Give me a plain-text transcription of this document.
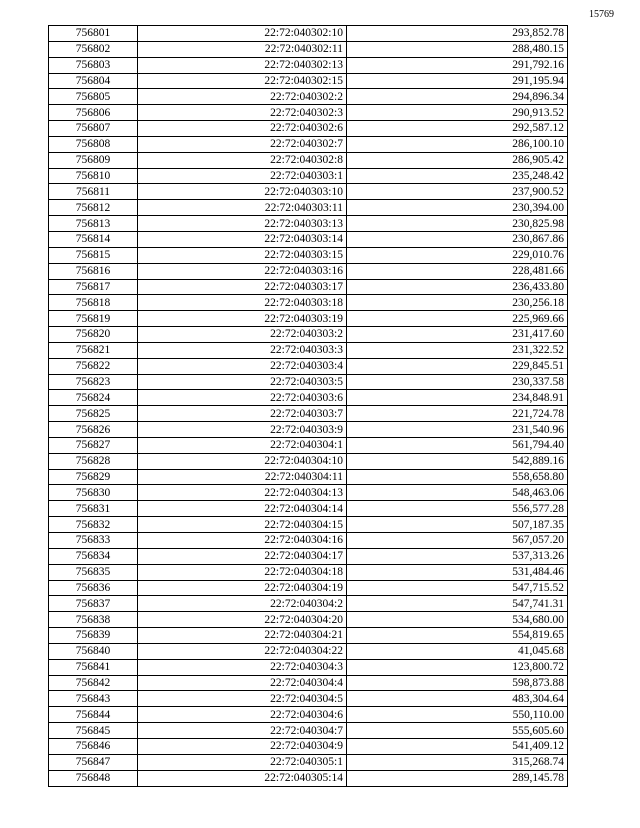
15769
756801	22:72:040302:10	293,852.78
756802	22:72:040302:11	288,480.15
756803	22:72:040302:13	291,792.16
756804	22:72:040302:15	291,195.94
756805	22:72:040302:2	294,896.34
756806	22:72:040302:3	290,913.52
756807	22:72:040302:6	292,587.12
756808	22:72:040302:7	286,100.10
756809	22:72:040302:8	286,905.42
756810	22:72:040303:1	235,248.42
756811	22:72:040303:10	237,900.52
756812	22:72:040303:11	230,394.00
756813	22:72:040303:13	230,825.98
756814	22:72:040303:14	230,867.86
756815	22:72:040303:15	229,010.76
756816	22:72:040303:16	228,481.66
756817	22:72:040303:17	236,433.80
756818	22:72:040303:18	230,256.18
756819	22:72:040303:19	225,969.66
756820	22:72:040303:2	231,417.60
756821	22:72:040303:3	231,322.52
756822	22:72:040303:4	229,845.51
756823	22:72:040303:5	230,337.58
756824	22:72:040303:6	234,848.91
756825	22:72:040303:7	221,724.78
756826	22:72:040303:9	231,540.96
756827	22:72:040304:1	561,794.40
756828	22:72:040304:10	542,889.16
756829	22:72:040304:11	558,658.80
756830	22:72:040304:13	548,463.06
756831	22:72:040304:14	556,577.28
756832	22:72:040304:15	507,187.35
756833	22:72:040304:16	567,057.20
756834	22:72:040304:17	537,313.26
756835	22:72:040304:18	531,484.46
756836	22:72:040304:19	547,715.52
756837	22:72:040304:2	547,741.31
756838	22:72:040304:20	534,680.00
756839	22:72:040304:21	554,819.65
756840	22:72:040304:22	41,045.68
756841	22:72:040304:3	123,800.72
756842	22:72:040304:4	598,873.88
756843	22:72:040304:5	483,304.64
756844	22:72:040304:6	550,110.00
756845	22:72:040304:7	555,605.60
756846	22:72:040304:9	541,409.12
756847	22:72:040305:1	315,268.74
756848	22:72:040305:14	289,145.78
